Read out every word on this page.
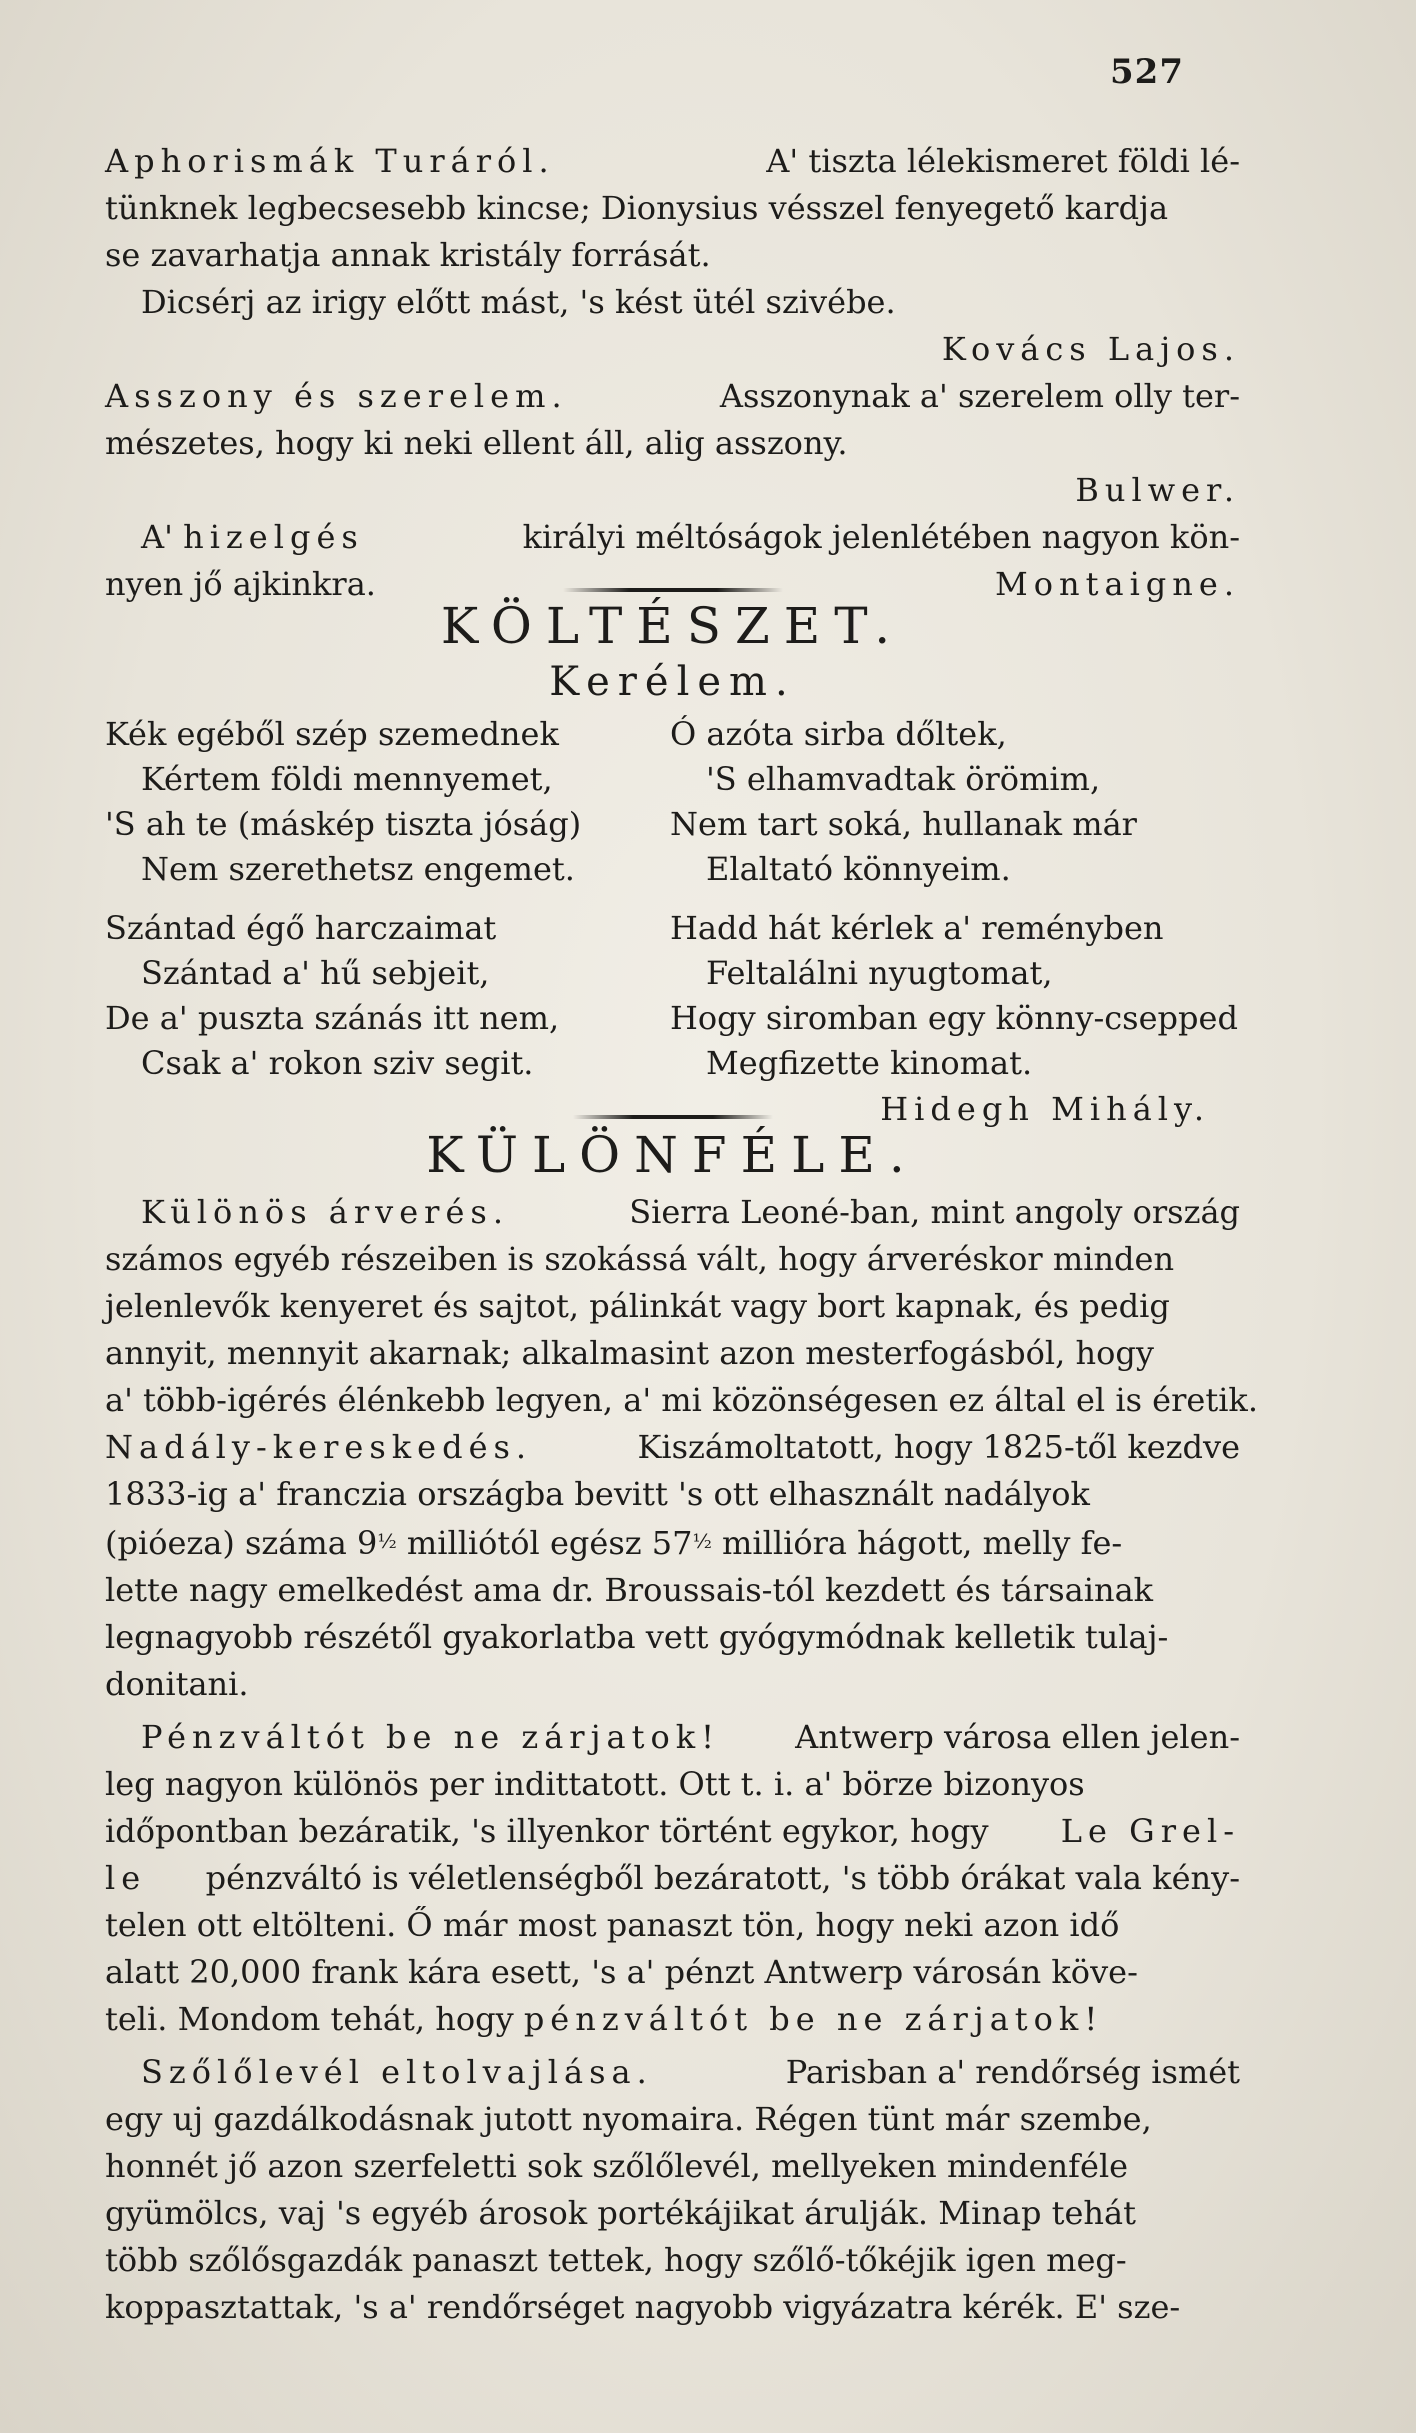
527
Aphorismák Turáról.	A' tiszta lélekismeret földi lé-
tünknek legbecsesebb kincse; Dionysius vésszel fenyegető kardja
se zavarhatja annak kristály forrását.
Dicsérj az irigy előtt mást, 's kést ütél szivébe.
Kovács Lajos.
Asszony és szerelem.	Asszonynak a' szerelem olly ter-
mészetes, hogy ki neki ellent áll, alig asszony.
Bulwer.
A' hizelgés	királyi méltóságok jelenlétében nagyon kön-
nyen jő ajkinkra.	Montaigne.
KÖLTÉSZET.
Kerélem.
Kék egéből szép szemednek
Kértem földi mennyemet,
'S ah te (máskép tiszta jóság)
Nem szerethetsz engemet.
Szántad égő harczaimat
Szántad a' hű sebjeit,
De a' puszta szánás itt nem,
Csak a' rokon sziv segit.
Ó azóta sirba dőltek,
'S elhamvadtak örömim,
Nem tart soká, hullanak már
Elaltató könnyeim.
Hadd hát kérlek a' reményben
Feltalálni nyugtomat,
Hogy siromban egy könny-csepped
Megfizette kinomat.
Hidegh Mihály.
KÜLÖNFÉLE.
Különös árverés.	Sierra Leoné-ban, mint angoly ország
számos egyéb részeiben is szokássá vált, hogy árveréskor minden
jelenlevők kenyeret és sajtot, pálinkát vagy bort kapnak, és pedig
annyit, mennyit akarnak; alkalmasint azon mesterfogásból, hogy
a' több-igérés élénkebb legyen, a' mi közönségesen ez által el is éretik.
Nadály-kereskedés.	Kiszámoltatott, hogy 1825-től kezdve
1833-ig a' franczia országba bevitt 's ott elhasznált nadályok
(pióeza) száma 9½ milliótól egész 57½ millióra hágott, melly fe-
lette nagy emelkedést ama dr. Broussais-tól kezdett és társainak
legnagyobb részétől gyakorlatba vett gyógymódnak kelletik tulaj-
donitani.
Pénzváltót be ne zárjatok! Antwerp városa ellen jelen-
leg nagyon különös per indittatott. Ott t. i. a' börze bizonyos
időpontban bezáratik, 's illyenkor történt egykor, hogy Le Grel-
le pénzváltó is véletlenségből bezáratott, 's több órákat vala kény-
telen ott eltölteni. Ő már most panaszt tön, hogy neki azon idő
alatt 20,000 frank kára esett, 's a' pénzt Antwerp városán köve-
teli. Mondom tehát, hogy pénzváltót be ne zárjatok!
Szőlőlevél eltolvajlása.	Parisban a' rendőrség ismét
egy uj gazdálkodásnak jutott nyomaira. Régen tünt már szembe,
honnét jő azon szerfeletti sok szőlőlevél, mellyeken mindenféle
gyümölcs, vaj 's egyéb árosok portékájikat árulják. Minap tehát
több szőlősgazdák panaszt tettek, hogy szőlő-tőkéjik igen meg-
koppasztattak, 's a' rendőrséget nagyobb vigyázatra kérék. E' sze-
